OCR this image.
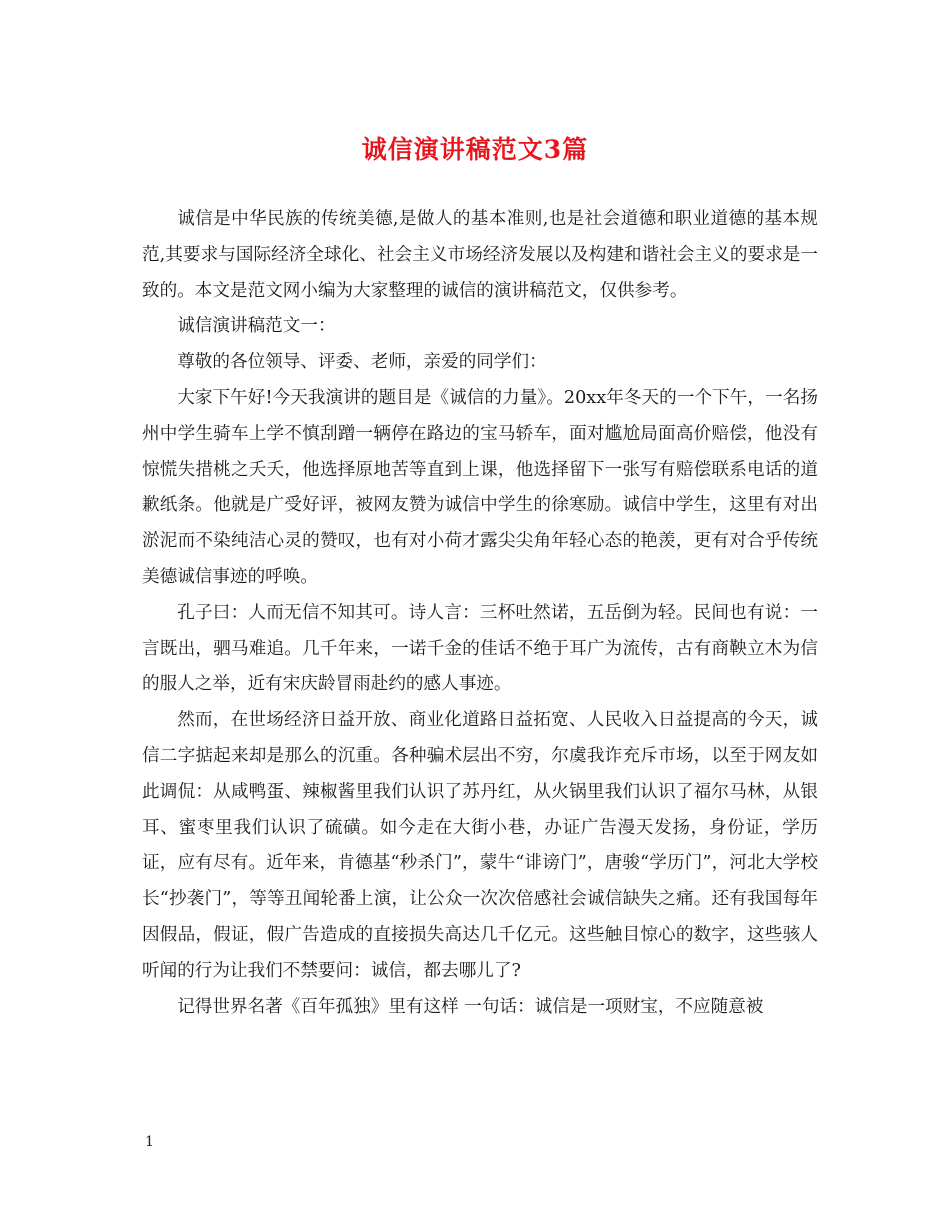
诚信演讲稿范文3篇

诚信是中华民族的传统美德,是做人的基本准则,也是社会道德和职业道德的基本规范,其要求与国际经济全球化、社会主义市场经济发展以及构建和谐社会主义的要求是一致的。本文是范文网小编为大家整理的诚信的演讲稿范文，仅供参考。

诚信演讲稿范文一：

尊敬的各位领导、评委、老师，亲爱的同学们：

大家下午好!今天我演讲的题目是《诚信的力量》。20xx年冬天的一个下午，一名扬州中学生骑车上学不慎刮蹭一辆停在路边的宝马轿车，面对尴尬局面高价赔偿，他没有惊慌失措桃之夭夭，他选择原地苦等直到上课，他选择留下一张写有赔偿联系电话的道歉纸条。他就是广受好评，被网友赞为诚信中学生的徐寒励。诚信中学生，这里有对出淤泥而不染纯洁心灵的赞叹，也有对小荷才露尖尖角年轻心态的艳羡，更有对合乎传统美德诚信事迹的呼唤。

孔子曰：人而无信不知其可。诗人言：三杯吐然诺，五岳倒为轻。民间也有说：一言既出，驷马难追。几千年来，一诺千金的佳话不绝于耳广为流传，古有商鞅立木为信的服人之举，近有宋庆龄冒雨赴约的感人事迹。

然而，在世场经济日益开放、商业化道路日益拓宽、人民收入日益提高的今天，诚信二字掂起来却是那么的沉重。各种骗术层出不穷，尔虞我诈充斥市场，以至于网友如此调侃：从咸鸭蛋、辣椒酱里我们认识了苏丹红，从火锅里我们认识了福尔马林，从银耳、蜜枣里我们认识了硫磺。如今走在大街小巷，办证广告漫天发扬，身份证，学历证，应有尽有。近年来，肯德基“秒杀门”，蒙牛“诽谤门”，唐骏“学历门”，河北大学校长“抄袭门”，等等丑闻轮番上演，让公众一次次倍感社会诚信缺失之痛。还有我国每年因假品，假证，假广告造成的直接损失高达几千亿元。这些触目惊心的数字，这些骇人听闻的行为让我们不禁要问：诚信，都去哪儿了?

记得世界名著《百年孤独》里有这样 一句话：诚信是一项财宝，不应随意被

1
